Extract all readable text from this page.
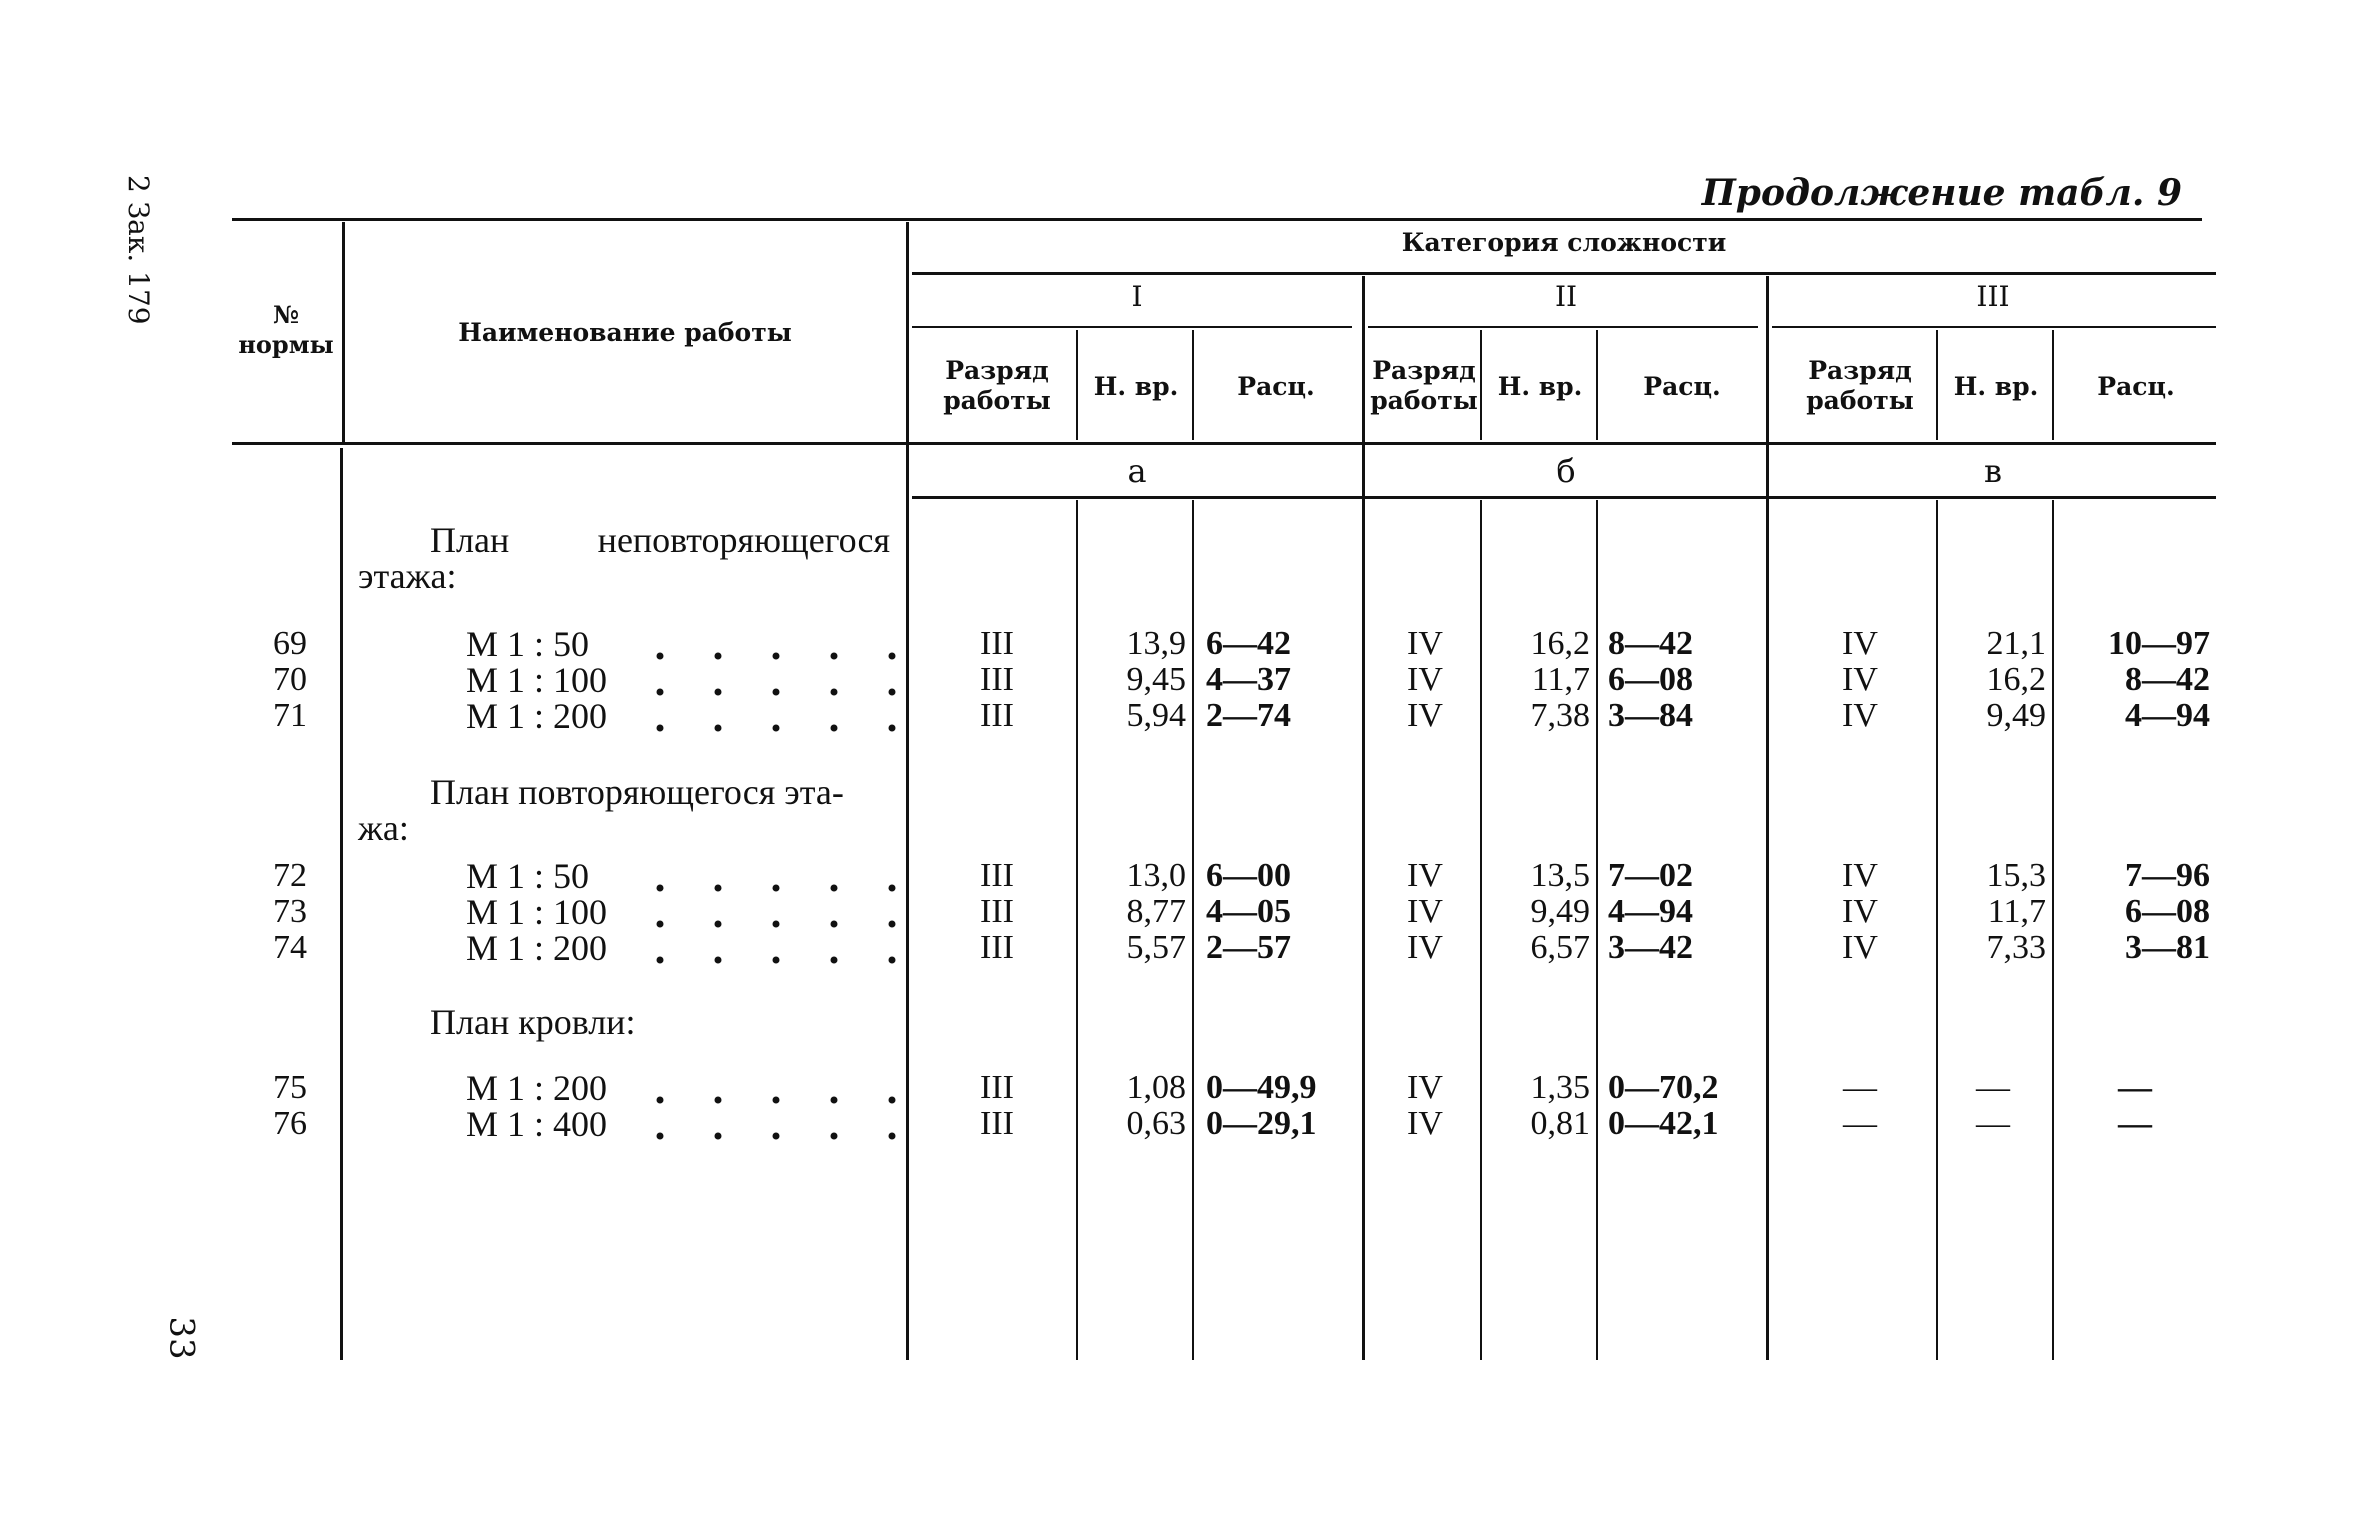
2 Зак. 179
33
Продолжение табл. 9
№ нормы	Наименование работы
Категория сложности
I	II	III
Разряд работы	Н. вр.	Расц.
Разряд работы Н. вр.	Расц.
Разряд работы	Н. вр.	Расц.
а	б	в
План неповторяющегося
этажа:
План повторяющегося эта-
жа:
План кровли:
69	М 1 : 50	III	13,9 6—42	IV	16,2 8—42	IV	21,1	10—97
70	М 1 : 100	III	9,45 4—37	IV	11,7 6—08	IV	16,2	8—42
71	М 1 : 200	III	5,94 2—74	IV	7,38 3—84	IV	9,49	4—94
72	М 1 : 50	III	13,0 6—00	IV	13,5 7—02	IV	15,3	7—96
73	М 1 : 100	III	8,77 4—05	IV	9,49 4—94	IV	11,7	6—08
74	М 1 : 200	III	5,57 2—57	IV	6,57 3—42	IV	7,33	3—81
75	М 1 : 200	III	1,08 0—49,9	IV	1,35 0—70,2	—	—	—
76	М 1 : 400	III	0,63 0—29,1	IV	0,81 0—42,1	—	—	—
